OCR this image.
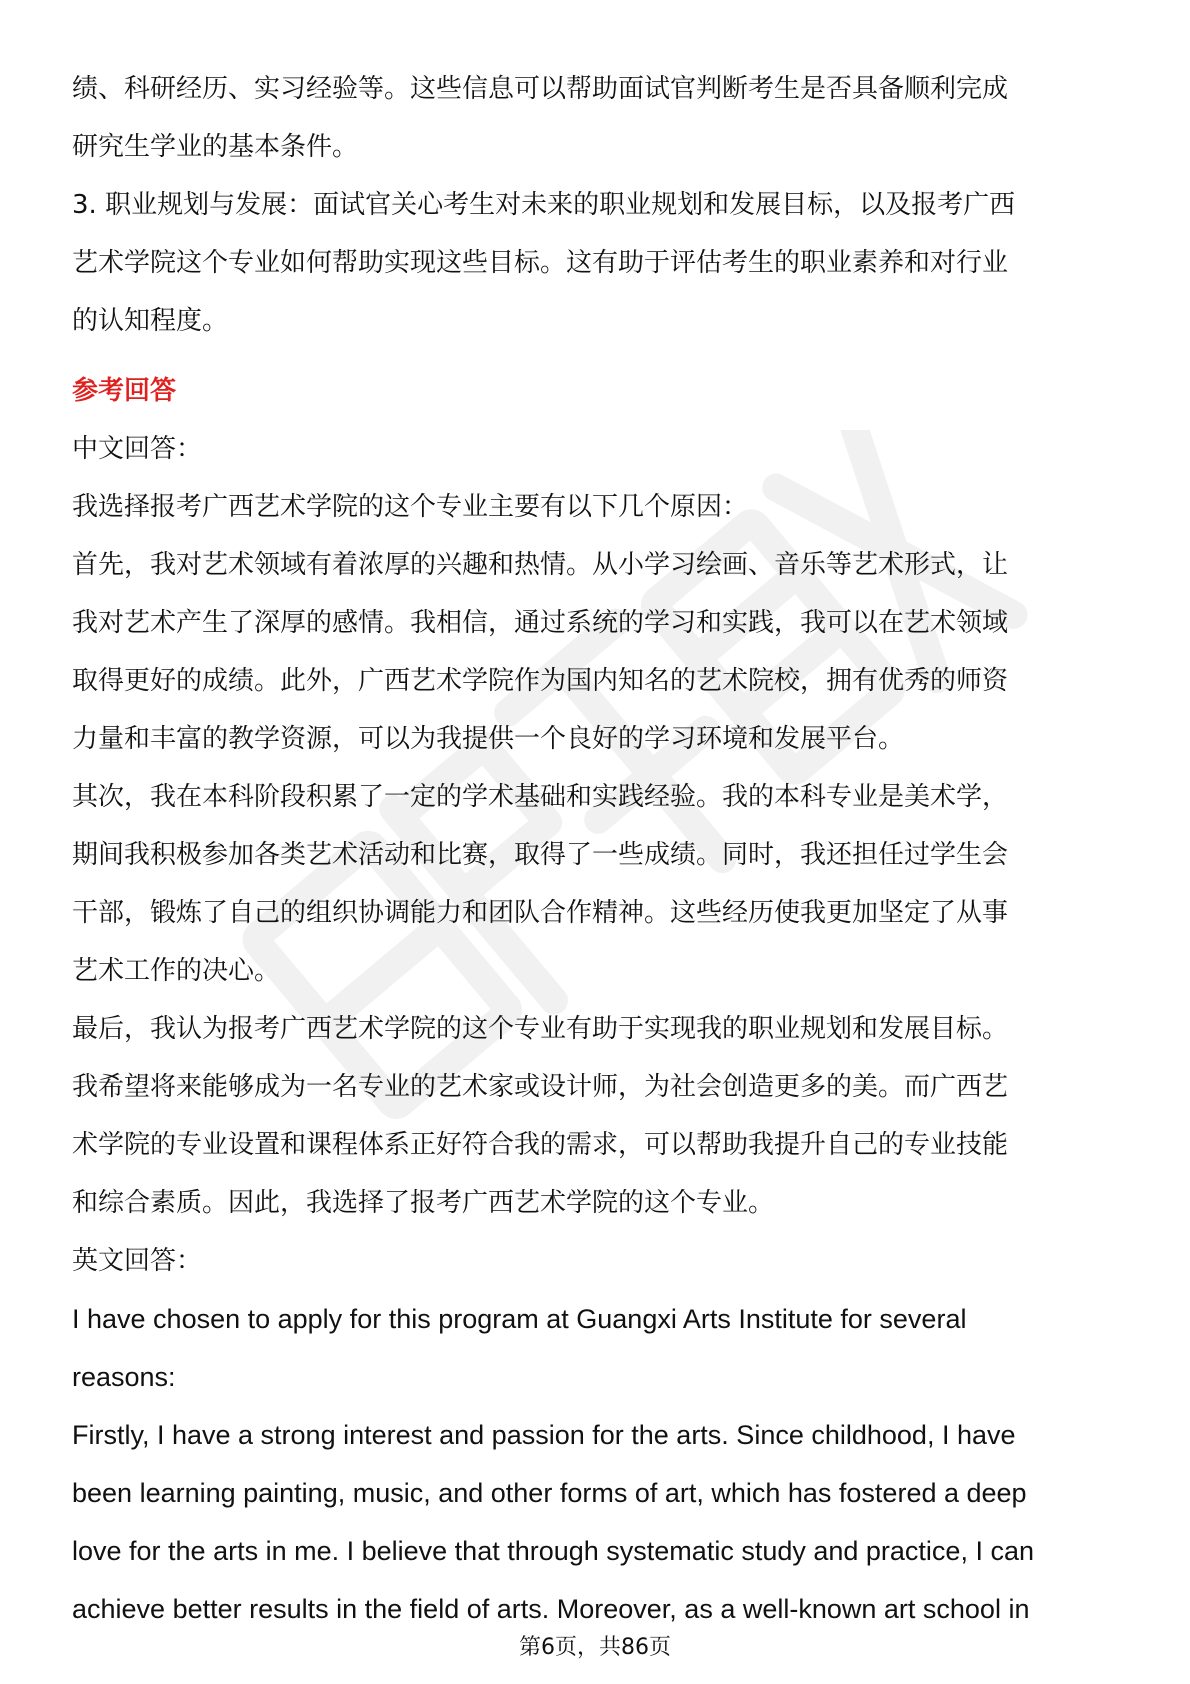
绩、科研经历、实习经验等。这些信息可以帮助面试官判断考生是否具备顺利完成
研究生学业的基本条件。
3. 职业规划与发展：面试官关心考生对未来的职业规划和发展目标，以及报考广西
艺术学院这个专业如何帮助实现这些目标。这有助于评估考生的职业素养和对行业
的认知程度。
参考回答
中文回答：
我选择报考广西艺术学院的这个专业主要有以下几个原因：
首先，我对艺术领域有着浓厚的兴趣和热情。从小学习绘画、音乐等艺术形式，让
我对艺术产生了深厚的感情。我相信，通过系统的学习和实践，我可以在艺术领域
取得更好的成绩。此外，广西艺术学院作为国内知名的艺术院校，拥有优秀的师资
力量和丰富的教学资源，可以为我提供一个良好的学习环境和发展平台。
其次，我在本科阶段积累了一定的学术基础和实践经验。我的本科专业是美术学，
期间我积极参加各类艺术活动和比赛，取得了一些成绩。同时，我还担任过学生会
干部，锻炼了自己的组织协调能力和团队合作精神。这些经历使我更加坚定了从事
艺术工作的决心。
最后，我认为报考广西艺术学院的这个专业有助于实现我的职业规划和发展目标。
我希望将来能够成为一名专业的艺术家或设计师，为社会创造更多的美。而广西艺
术学院的专业设置和课程体系正好符合我的需求，可以帮助我提升自己的专业技能
和综合素质。因此，我选择了报考广西艺术学院的这个专业。
英文回答：
I have chosen to apply for this program at Guangxi Arts Institute for several
reasons:
Firstly, I have a strong interest and passion for the arts. Since childhood, I have
been learning painting, music, and other forms of art, which has fostered a deep
love for the arts in me. I believe that through systematic study and practice, I can
achieve better results in the field of arts. Moreover, as a well-known art school in
第6页，共86页
